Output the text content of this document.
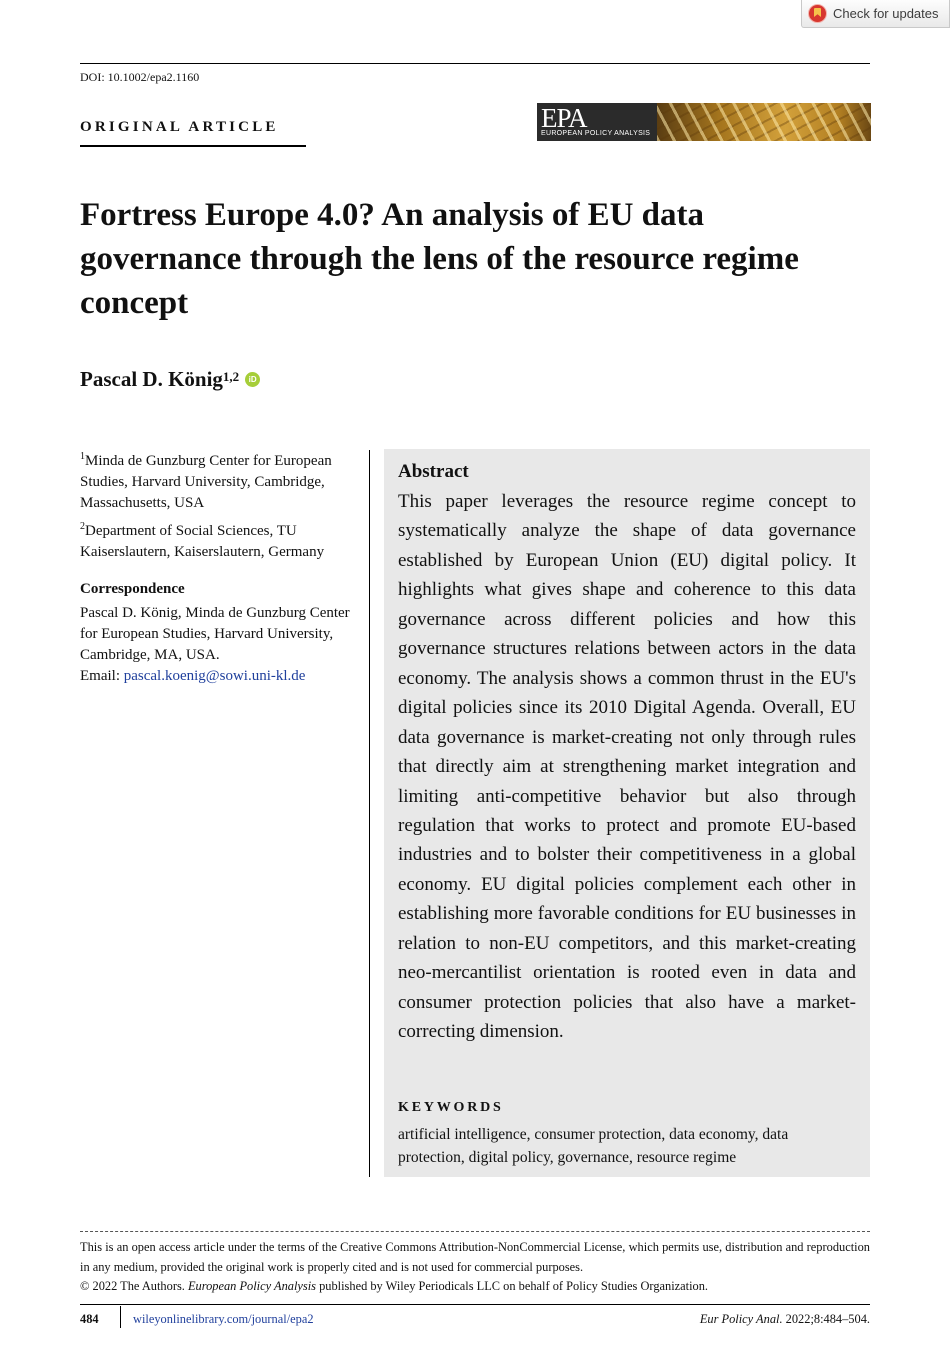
Check for updates
DOI: 10.1002/epa2.1160
ORIGINAL ARTICLE	EPA
EUROPEAN POLICY ANALYSIS
Fortress Europe 4.0? An analysis of EU data governance through the lens of the resource regime concept
Pascal D. König$^{1,2}$	iD
$^1$Minda de Gunzburg Center for European Studies, Harvard University, Cambridge, Massachusetts, USA
$^2$Department of Social Sciences, TU Kaiserslautern, Kaiserslautern, Germany
Correspondence
Pascal D. König, Minda de Gunzburg Center for European Studies, Harvard University, Cambridge, MA, USA.
Email: pascal.koenig@sowi.uni-kl.de
Abstract

This paper leverages the resource regime concept to systematically analyze the shape of data governance established by European Union (EU) digital policy. It highlights what gives shape and coherence to this data governance across different policies and how this governance structures relations between actors in the data economy. The analysis shows a common thrust in the EU's digital policies since its 2010 Digital Agenda. Overall, EU data governance is market-creating not only through rules that directly aim at strengthening market integration and limiting anti-competitive behavior but also through regulation that works to protect and promote EU-based industries and to bolster their competitiveness in a global economy. EU digital policies complement each other in establishing more favorable conditions for EU businesses in relation to non-EU competitors, and this market-creating neo-mercantilist orientation is rooted even in data and consumer protection policies that also have a market-correcting dimension.

KEYWORDS
artificial intelligence, consumer protection, data economy, data protection, digital policy, governance, resource regime

This is an open access article under the terms of the Creative Commons Attribution-NonCommercial License, which permits use, distribution and reproduction in any medium, provided the original work is properly cited and is not used for commercial purposes.
© 2022 The Authors. European Policy Analysis published by Wiley Periodicals LLC on behalf of Policy Studies Organization.

484	wileyonlinelibrary.com/journal/epa2	Eur Policy Anal. 2022;8:484–504.
